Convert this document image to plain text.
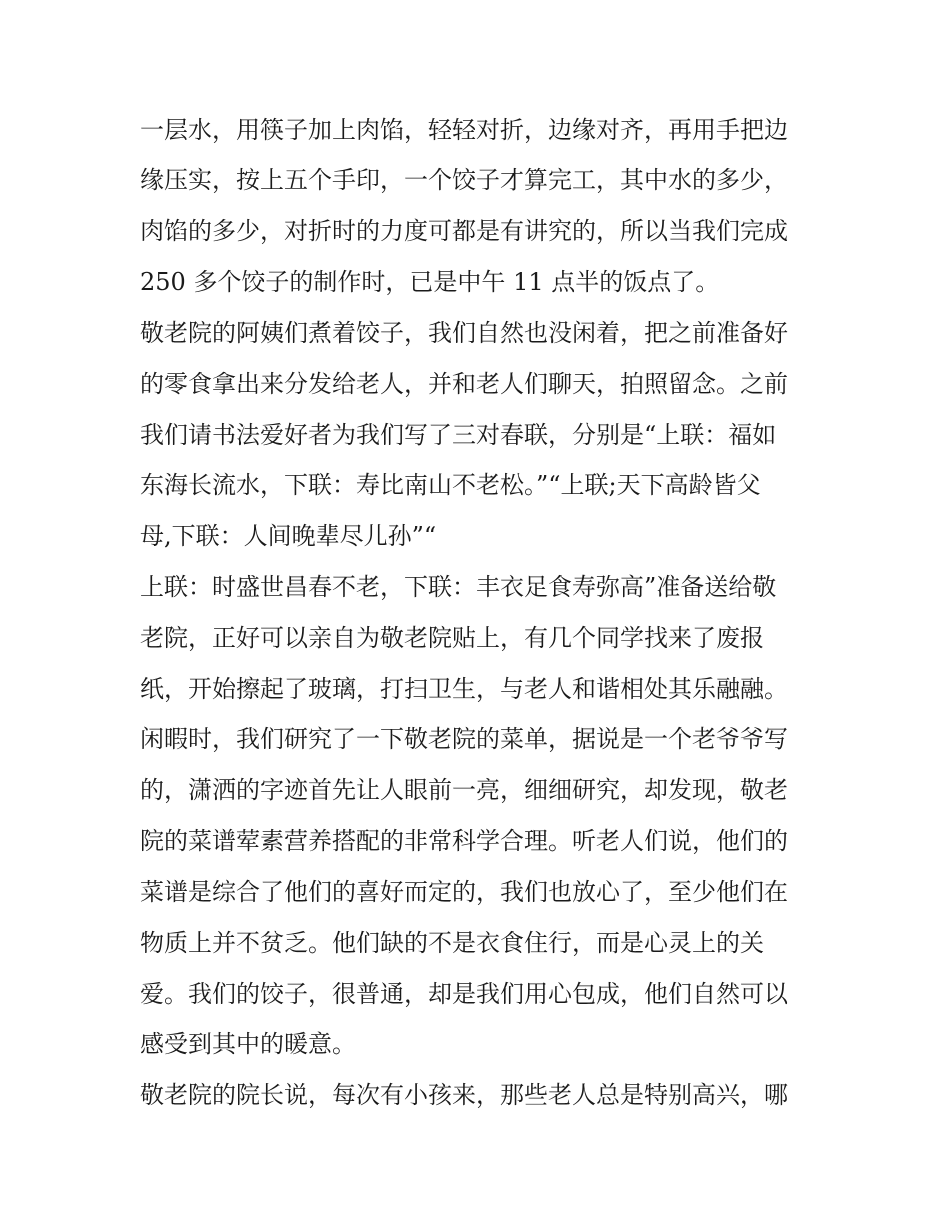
一层水，用筷子加上肉馅，轻轻对折，边缘对齐，再用手把边
缘压实，按上五个手印，一个饺子才算完工，其中水的多少，
肉馅的多少，对折时的力度可都是有讲究的，所以当我们完成
250 多个饺子的制作时，已是中午 11 点半的饭点了。
敬老院的阿姨们煮着饺子，我们自然也没闲着，把之前准备好
的零食拿出来分发给老人，并和老人们聊天，拍照留念。之前
我们请书法爱好者为我们写了三对春联，分别是“上联：福如
东海长流水，下联：寿比南山不老松。”“上联;天下高龄皆父
母,下联：人间晚辈尽儿孙”“
上联：时盛世昌春不老，下联：丰衣足食寿弥高”准备送给敬
老院，正好可以亲自为敬老院贴上，有几个同学找来了废报
纸，开始擦起了玻璃，打扫卫生，与老人和谐相处其乐融融。
闲暇时，我们研究了一下敬老院的菜单，据说是一个老爷爷写
的，潇洒的字迹首先让人眼前一亮，细细研究，却发现，敬老
院的菜谱荤素营养搭配的非常科学合理。听老人们说，他们的
菜谱是综合了他们的喜好而定的，我们也放心了，至少他们在
物质上并不贫乏。他们缺的不是衣食住行，而是心灵上的关
爱。我们的饺子，很普通，却是我们用心包成，他们自然可以
感受到其中的暖意。
敬老院的院长说，每次有小孩来，那些老人总是特别高兴，哪
